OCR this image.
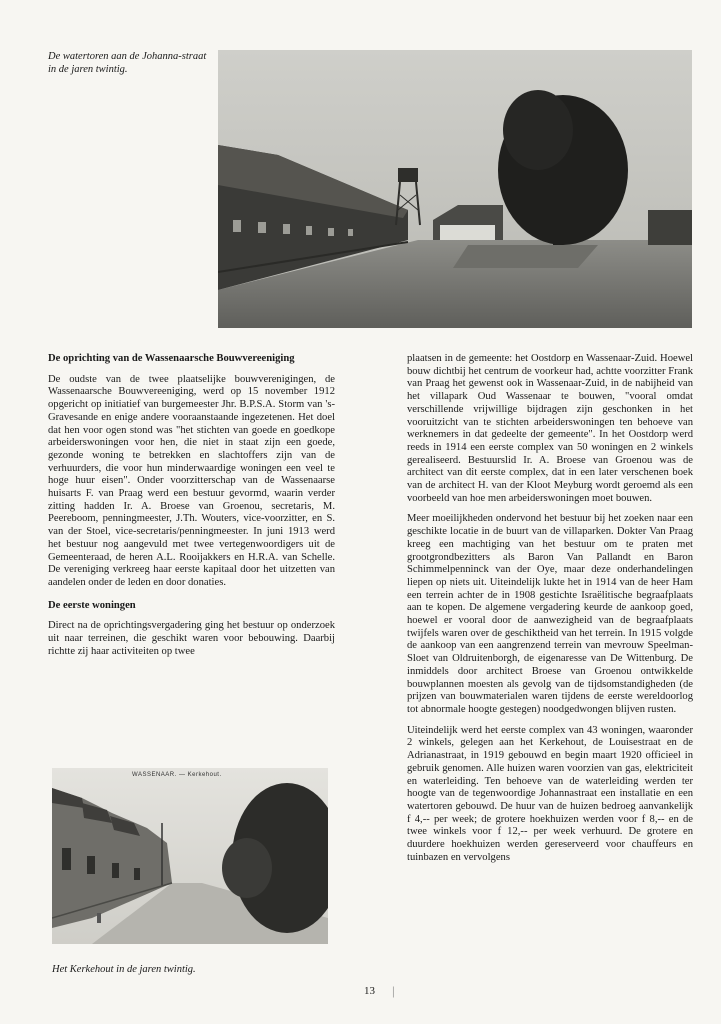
De watertoren aan de Johanna-straat in de jaren twintig.
De oprichting van de Wassenaarsche Bouwvereeniging

De oudste van de twee plaatselijke bouwverenigingen, de Wassenaarsche Bouwvereeniging, werd op 15 november 1912 opgericht op initiatief van burgemeester Jhr. B.P.S.A. Storm van 's-Gravesande en enige andere vooraanstaande ingezetenen. Het doel dat hen voor ogen stond was "het stichten van goede en goedkope arbeiderswoningen voor hen, die niet in staat zijn een goede, gezonde woning te betrekken en slachtoffers zijn van de verhuurders, die voor hun minderwaardige woningen een veel te hoge huur eisen". Onder voorzitterschap van de Wassenaarse huisarts F. van Praag werd een bestuur gevormd, waarin verder zitting hadden Ir. A. Broese van Groenou, secretaris, M. Peereboom, penningmeester, J.Th. Wouters, vice-voorzitter, en S. van der Stoel, vice-secretaris/penningmeester. In juni 1913 werd het bestuur nog aangevuld met twee vertegenwoordigers uit de Gemeenteraad, de heren A.L. Rooijakkers en H.R.A. van Schelle. De vereniging verkreeg haar eerste kapitaal door het uitzetten van aandelen onder de leden en door donaties.

De eerste woningen

Direct na de oprichtingsvergadering ging het bestuur op onderzoek uit naar terreinen, die geschikt waren voor bebouwing. Daarbij richtte zij haar activiteiten op twee

WASSENAAR. — Kerkehout.
Het Kerkehout in de jaren twintig.

plaatsen in de gemeente: het Oostdorp en Wassenaar-Zuid. Hoewel bouw dichtbij het centrum de voorkeur had, achtte voorzitter Frank van Praag het gewenst ook in Wassenaar-Zuid, in de nabijheid van het villapark Oud Wassenaar te bouwen, "vooral omdat verschillende vrijwillige bijdragen zijn geschonken in het vooruitzicht van te stichten arbeiderswoningen ten behoeve van werknemers in dat gedeelte der gemeente". In het Oostdorp werd reeds in 1914 een eerste complex van 50 woningen en 2 winkels gerealiseerd. Bestuurslid Ir. A. Broese van Groenou was de architect van dit eerste complex, dat in een later verschenen boek van de architect H. van der Kloot Meyburg wordt geroemd als een voorbeeld van hoe men arbeiderswoningen moet bouwen.

Meer moeilijkheden ondervond het bestuur bij het zoeken naar een geschikte locatie in de buurt van de villaparken. Dokter Van Praag kreeg een machtiging van het bestuur om te praten met grootgrondbezitters als Baron Van Pallandt en Baron Schimmelpenninck van der Oye, maar deze onderhandelingen liepen op niets uit. Uiteindelijk lukte het in 1914 van de heer Ham een terrein achter de in 1908 gestichte Israëlitische begraafplaats aan te kopen. De algemene vergadering keurde de aankoop goed, hoewel er vooral door de aanwezigheid van de begraafplaats twijfels waren over de geschiktheid van het terrein. In 1915 volgde de aankoop van een aangrenzend terrein van mevrouw Speelman-Sloet van Oldruitenborgh, de eigenaresse van De Wittenburg. De inmiddels door architect Broese van Groenou ontwikkelde bouwplannen moesten als gevolg van de tijdsomstandigheden (de prijzen van bouwmaterialen waren tijdens de eerste wereldoorlog tot abnormale hoogte gestegen) noodgedwongen blijven rusten.

Uiteindelijk werd het eerste complex van 43 woningen, waaronder 2 winkels, gelegen aan het Kerkehout, de Louisestraat en de Adrianastraat, in 1919 gebouwd en begin maart 1920 officieel in gebruik genomen. Alle huizen waren voorzien van gas, elektriciteit en waterleiding. Ten behoeve van de waterleiding werden ter hoogte van de tegenwoordige Johannastraat een installatie en een watertoren gebouwd. De huur van de huizen bedroeg aanvankelijk f 4,-- per week; de grotere hoekhuizen werden voor f 8,-- en de twee winkels voor f 12,-- per week verhuurd. De grotere en duurdere hoekhuizen werden gereserveerd voor chauffeurs en tuinbazen en vervolgens

13 |
